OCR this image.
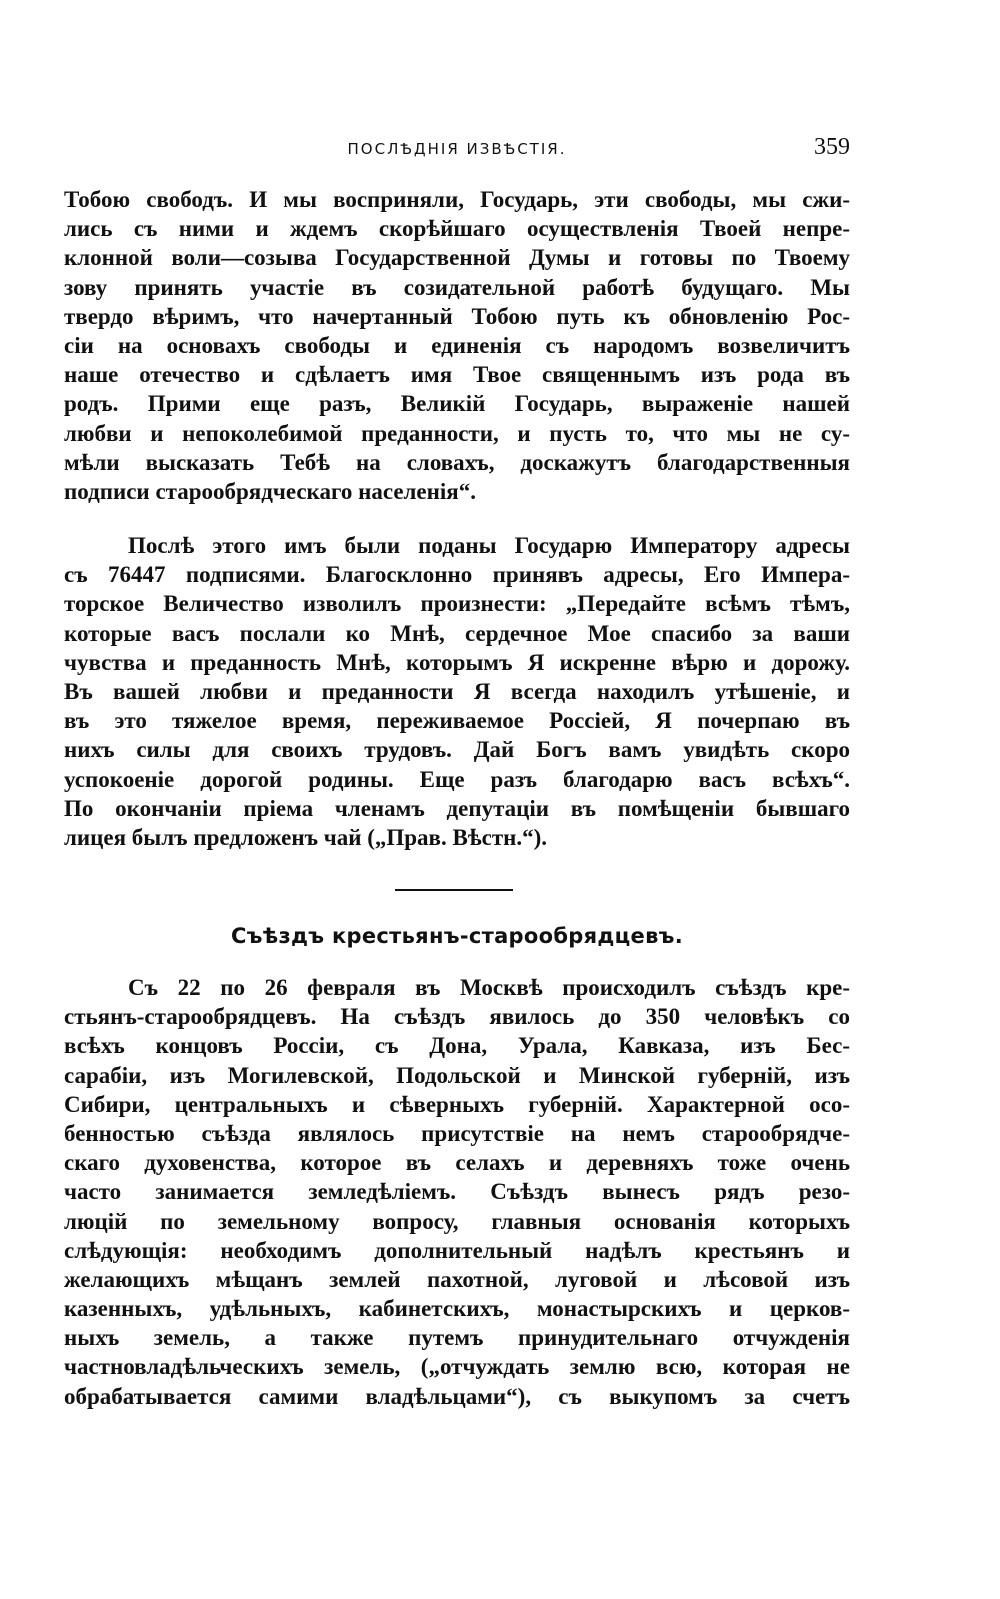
ПОСЛѢДНІЯ ИЗВѢСТІЯ.	359
Тобою свободъ. И мы восприняли, Государь, эти свободы, мы сжи-
лись съ ними и ждемъ скорѣйшаго осуществленія Твоей непре-
клонной воли—созыва Государственной Думы и готовы по Твоему
зову принять участіе въ созидательной работѣ будущаго. Мы
твердо вѣримъ, что начертанный Тобою путь къ обновленію Рос-
сіи на основахъ свободы и единенія съ народомъ возвеличитъ
наше отечество и сдѣлаетъ имя Твое священнымъ изъ рода въ
родъ. Прими еще разъ, Великій Государь, выраженіе нашей
любви и непоколебимой преданности, и пусть то, что мы не су-
мѣли высказать Тебѣ на словахъ, доскажутъ благодарственныя
подписи старообрядческаго населенія“.
Послѣ этого имъ были поданы Государю Императору адресы
съ 76447 подписями. Благосклонно принявъ адресы, Его Импера-
торское Величество изволилъ произнести: „Передайте всѣмъ тѣмъ,
которые васъ послали ко Мнѣ, сердечное Мое спасибо за ваши
чувства и преданность Мнѣ, которымъ Я искренне вѣрю и дорожу.
Въ вашей любви и преданности Я всегда находилъ утѣшеніе, и
въ это тяжелое время, переживаемое Россіей, Я почерпаю въ
нихъ силы для своихъ трудовъ. Дай Богъ вамъ увидѣть скоро
успокоеніе дорогой родины. Еще разъ благодарю васъ всѣхъ“.
По окончаніи пріема членамъ депутаціи въ помѣщеніи бывшаго
лицея былъ предложенъ чай („Прав. Вѣстн.“).
Съѣздъ крестьянъ-старообрядцевъ.
Съ 22 по 26 февраля въ Москвѣ происходилъ съѣздъ кре-
стьянъ-старообрядцевъ. На съѣздъ явилось до 350 человѣкъ со
всѣхъ концовъ Россіи, съ Дона, Урала, Кавказа, изъ Бес-
сарабіи, изъ Могилевской, Подольской и Минской губерній, изъ
Сибири, центральныхъ и сѣверныхъ губерній. Характерной осо-
бенностью съѣзда являлось присутствіе на немъ старообрядче-
скаго духовенства, которое въ селахъ и деревняхъ тоже очень
часто занимается земледѣліемъ. Съѣздъ вынесъ рядъ резо-
люцій по земельному вопросу, главныя основанія которыхъ
слѣдующія: необходимъ дополнительный надѣлъ крестьянъ и
желающихъ мѣщанъ землей пахотной, луговой и лѣсовой изъ
казенныхъ, удѣльныхъ, кабинетскихъ, монастырскихъ и церков-
ныхъ земель, а также путемъ принудительнаго отчужденія
частновладѣльческихъ земель, („отчуждать землю всю, которая не
обрабатывается самими владѣльцами“), съ выкупомъ за счетъ
